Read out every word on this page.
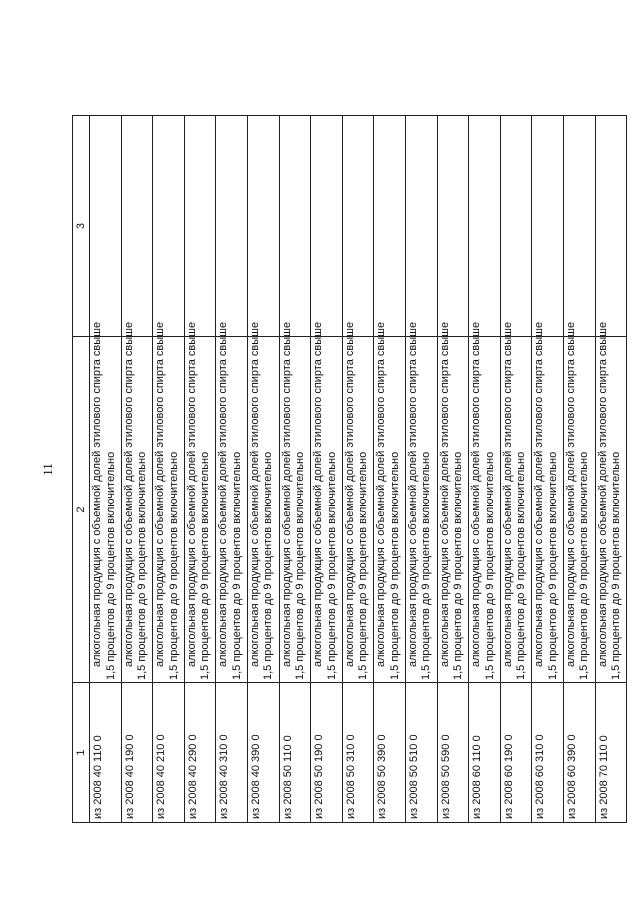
11
1	2	3
из 2008 40 110 0	алкогольная продукция с объемной долей этилового спирта свыше 1,5 процентов до 9 процентов включительно	

из 2008 40 190 0	алкогольная продукция с объемной долей этилового спирта свыше 1,5 процентов до 9 процентов включительно	

из 2008 40 210 0	алкогольная продукция с объемной долей этилового спирта свыше 1,5 процентов до 9 процентов включительно	

из 2008 40 290 0	алкогольная продукция с объемной долей этилового спирта свыше 1,5 процентов до 9 процентов включительно	

из 2008 40 310 0	алкогольная продукция с объемной долей этилового спирта свыше 1,5 процентов до 9 процентов включительно	

из 2008 40 390 0	алкогольная продукция с объемной долей этилового спирта свыше 1,5 процентов до 9 процентов включительно	

из 2008 50 110 0	алкогольная продукция с объемной долей этилового спирта свыше 1,5 процентов до 9 процентов включительно	

из 2008 50 190 0	алкогольная продукция с объемной долей этилового спирта свыше 1,5 процентов до 9 процентов включительно	

из 2008 50 310 0	алкогольная продукция с объемной долей этилового спирта свыше 1,5 процентов до 9 процентов включительно	

из 2008 50 390 0	алкогольная продукция с объемной долей этилового спирта свыше 1,5 процентов до 9 процентов включительно	

из 2008 50 510 0	алкогольная продукция с объемной долей этилового спирта свыше 1,5 процентов до 9 процентов включительно	

из 2008 50 590 0	алкогольная продукция с объемной долей этилового спирта свыше 1,5 процентов до 9 процентов включительно	

из 2008 60 110 0	алкогольная продукция с объемной долей этилового спирта свыше 1,5 процентов до 9 процентов включительно	

из 2008 60 190 0	алкогольная продукция с объемной долей этилового спирта свыше 1,5 процентов до 9 процентов включительно	

из 2008 60 310 0	алкогольная продукция с объемной долей этилового спирта свыше 1,5 процентов до 9 процентов включительно	

из 2008 60 390 0	алкогольная продукция с объемной долей этилового спирта свыше 1,5 процентов до 9 процентов включительно	

из 2008 70 110 0	алкогольная продукция с объемной долей этилового спирта свыше 1,5 процентов до 9 процентов включительно	
